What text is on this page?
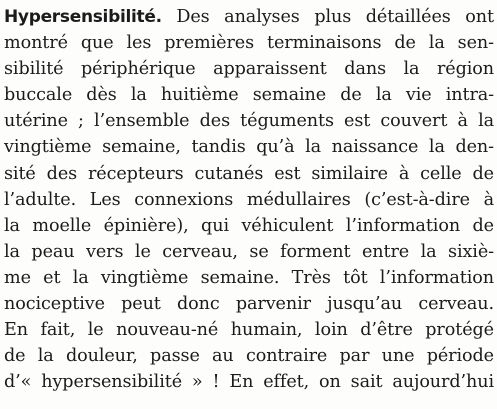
Hypersensibilité. Des analyses plus détaillées ont
montré que les premières terminaisons de la sen-
sibilité périphérique apparaissent dans la région
buccale dès la huitième semaine de la vie intra-
utérine ; l’ensemble des téguments est couvert à la
vingtième semaine, tandis qu’à la naissance la den-
sité des récepteurs cutanés est similaire à celle de
l’adulte. Les connexions médullaires (c’est-à-dire à
la moelle épinière), qui véhiculent l’information de
la peau vers le cerveau, se forment entre la sixiè-
me et la vingtième semaine. Très tôt l’information
nociceptive peut donc parvenir jusqu’au cerveau.
En fait, le nouveau-né humain, loin d’être protégé
de la douleur, passe au contraire par une période
d’« hypersensibilité » ! En effet, on sait aujourd’hui
